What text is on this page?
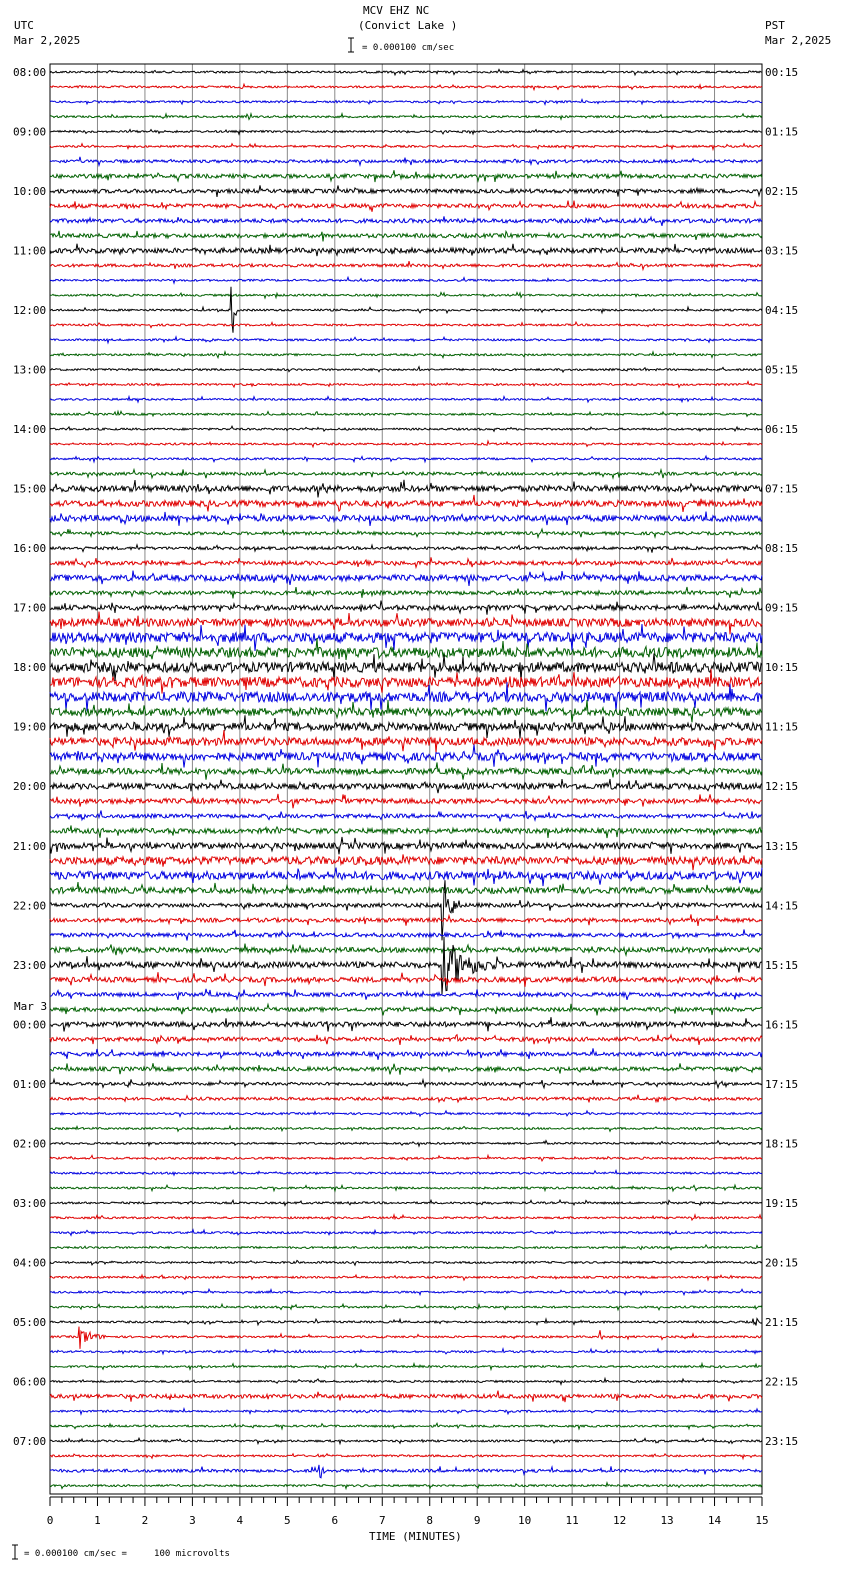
MCV EHZ NC
(Convict Lake )
UTC
Mar 2,2025
PST
Mar 2,2025
= 0.000100 cm/sec
= 0.000100 cm/sec =     100 microvolts
TIME (MINUTES)
Mar 3
08:00
09:00
10:00
11:00
12:00
13:00
14:00
15:00
16:00
17:00
18:00
19:00
20:00
21:00
22:00
23:00
00:00
01:00
02:00
03:00
04:00
05:00
06:00
07:00
00:15
01:15
02:15
03:15
04:15
05:15
06:15
07:15
08:15
09:15
10:15
11:15
12:15
13:15
14:15
15:15
16:15
17:15
18:15
19:15
20:15
21:15
22:15
23:15
0	1	2	3	4	5	6	7	8	9	10	11	12	13	14	15
